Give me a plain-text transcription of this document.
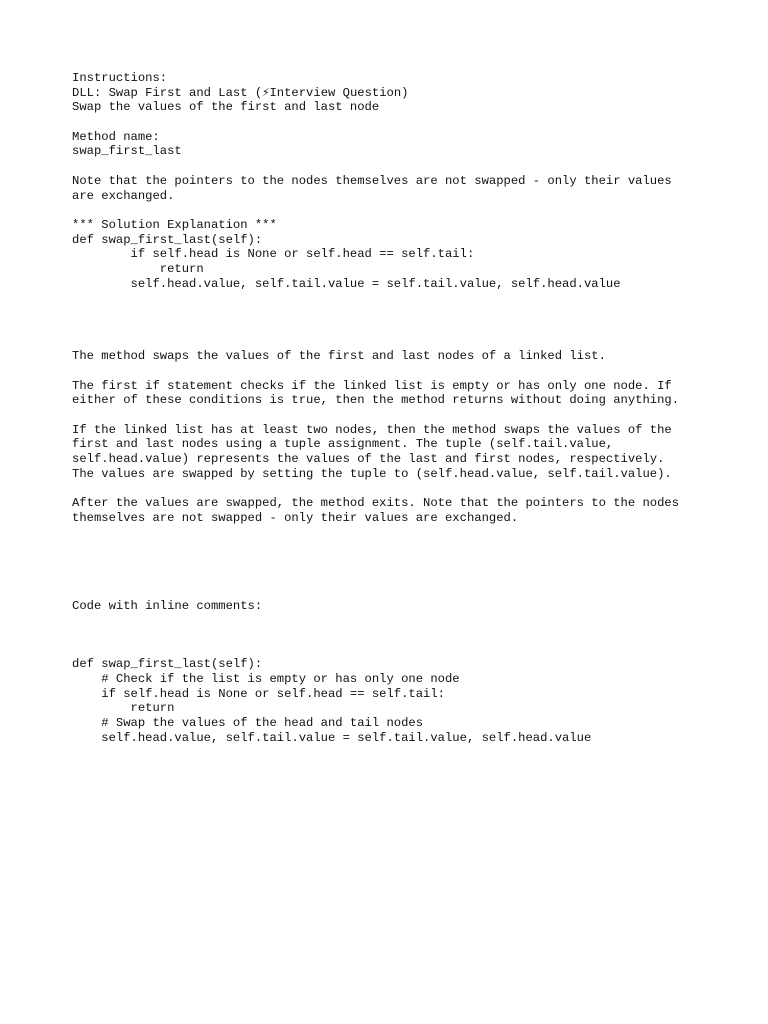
Instructions:
DLL: Swap First and Last (⚡Interview Question)
Swap the values of the first and last node
Method name:
swap_first_last
Note that the pointers to the nodes themselves are not swapped - only their values
are exchanged.
*** Solution Explanation ***
def swap_first_last(self):
if self.head is None or self.head == self.tail:
return
self.head.value, self.tail.value = self.tail.value, self.head.value
The method swaps the values of the first and last nodes of a linked list.
The first if statement checks if the linked list is empty or has only one node. If
either of these conditions is true, then the method returns without doing anything.
If the linked list has at least two nodes, then the method swaps the values of the
first and last nodes using a tuple assignment. The tuple (self.tail.value,
self.head.value) represents the values of the last and first nodes, respectively.
The values are swapped by setting the tuple to (self.head.value, self.tail.value).
After the values are swapped, the method exits. Note that the pointers to the nodes
themselves are not swapped - only their values are exchanged.
Code with inline comments:
def swap_first_last(self):
# Check if the list is empty or has only one node
if self.head is None or self.head == self.tail:
return
# Swap the values of the head and tail nodes
self.head.value, self.tail.value = self.tail.value, self.head.value
